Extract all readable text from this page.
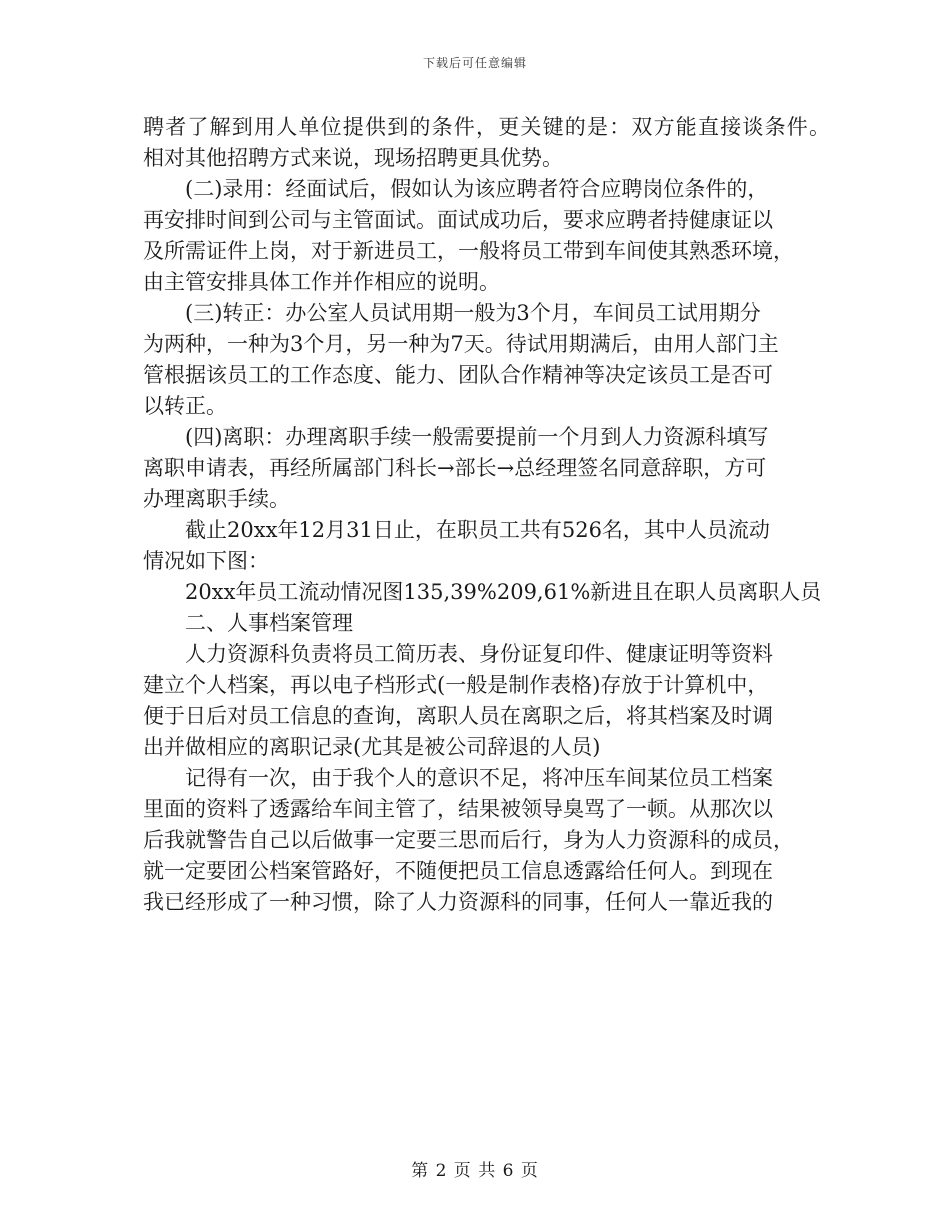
下载后可任意编辑

聘者了解到用人单位提供到的条件，更关键的是：双方能直接谈条件。

相对其他招聘方式来说，现场招聘更具优势。

(二)录用：经面试后，假如认为该应聘者符合应聘岗位条件的，

再安排时间到公司与主管面试。面试成功后，要求应聘者持健康证以

及所需证件上岗，对于新进员工，一般将员工带到车间使其熟悉环境，

由主管安排具体工作并作相应的说明。

(三)转正：办公室人员试用期一般为3个月，车间员工试用期分

为两种，一种为3个月，另一种为7天。待试用期满后，由用人部门主

管根据该员工的工作态度、能力、团队合作精神等决定该员工是否可

以转正。

(四)离职：办理离职手续一般需要提前一个月到人力资源科填写

离职申请表，再经所属部门科长→部长→总经理签名同意辞职，方可

办理离职手续。

截止20xx年12月31日止，在职员工共有526名，其中人员流动

情况如下图：

20xx年员工流动情况图135,39%209,61%新进且在职人员离职人员

二、人事档案管理

人力资源科负责将员工简历表、身份证复印件、健康证明等资料

建立个人档案，再以电子档形式(一般是制作表格)存放于计算机中，

便于日后对员工信息的查询，离职人员在离职之后，将其档案及时调

出并做相应的离职记录(尤其是被公司辞退的人员)

记得有一次，由于我个人的意识不足，将冲压车间某位员工档案

里面的资料了透露给车间主管了，结果被领导臭骂了一顿。从那次以

后我就警告自己以后做事一定要三思而后行，身为人力资源科的成员，

就一定要团公档案管路好，不随便把员工信息透露给任何人。到现在

我已经形成了一种习惯，除了人力资源科的同事，任何人一靠近我的

第 2 页 共 6 页
